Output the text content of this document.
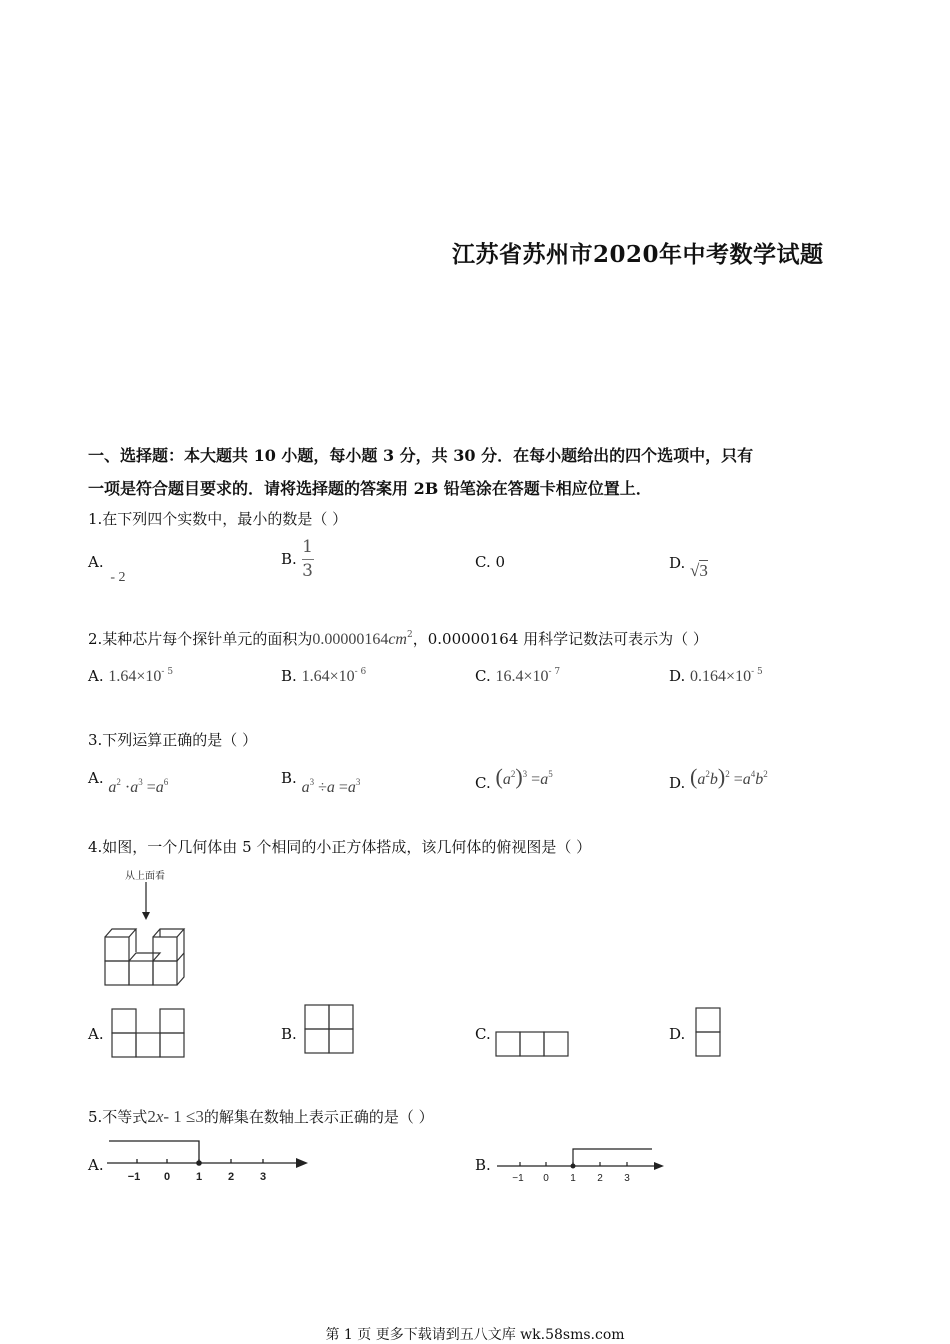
江苏省苏州市2020年中考数学试题
一、选择题：本大题共 10 小题，每小题 3 分，共 30 分．在每小题给出的四个选项中，只有
一项是符合题目要求的．请将选择题的答案用 2B 铅笔涂在答题卡相应位置上．
1.在下列四个实数中，最小的数是（ ）
A. - 2
B. $\frac{1}{3}$	C. 0	D. √3
2.某种芯片每个探针单元的面积为$0.00000164cm^2$，0.00000164 用科学记数法可表示为（ ）
A. $1.64\times 10^{- 5}$	B. $1.64\times 10^{- 6}$	C. $16.4\times 10^{- 7}$	D. $0.164\times 10^{- 5}$
3.下列运算正确的是（ ）
A. $a^2 \cdot a^3 =a^6$	B. $a^3 \div a =a^3$	C. $(a^2)^3 =a^5$	D. $(a^2b)^2 =a^4b^2$
4.如图，一个几何体由 5 个相同的小正方体搭成，该几何体的俯视图是（ ）
从上面看
A.	B.	C.	D.
5.不等式2x- 1 ≤3的解集在数轴上表示正确的是（ ）
A.
−1 0 1 2 3
B.
−1 0 1 2 3
第 1 页 更多下载请到五八文库 wk.58sms.com
